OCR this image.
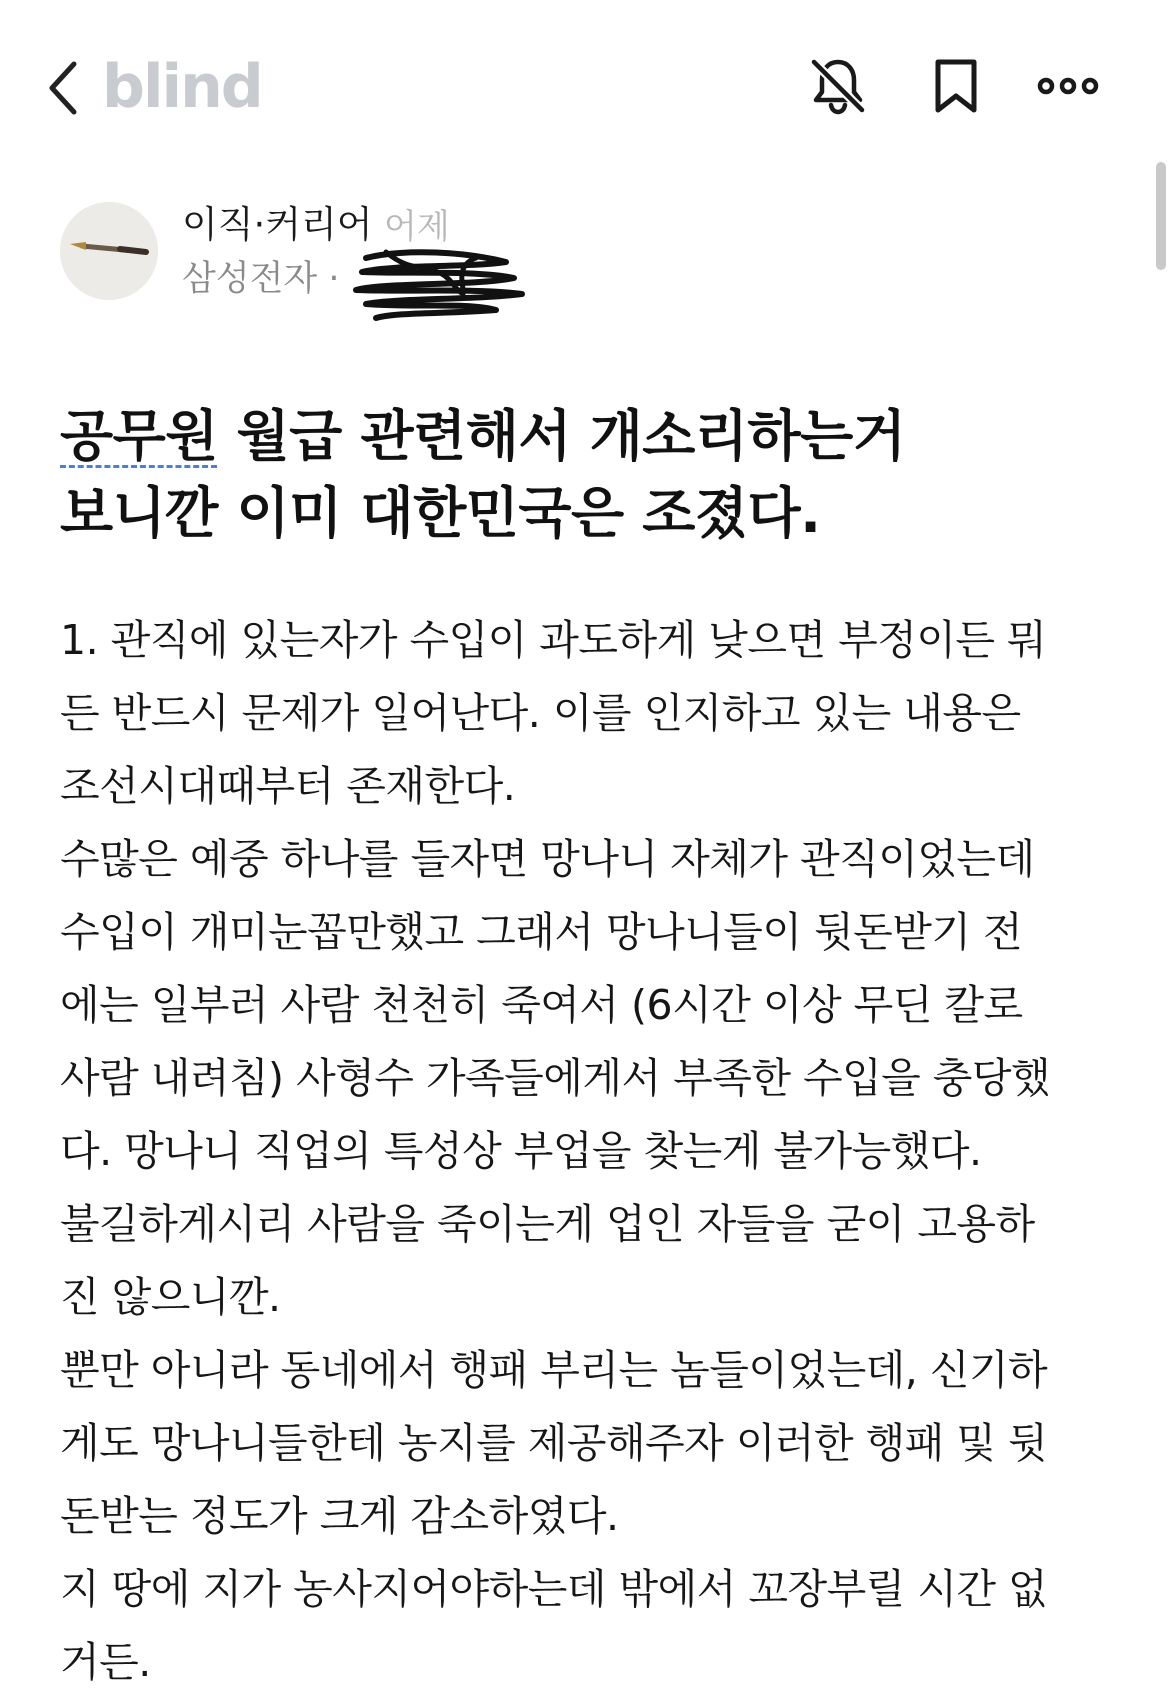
blind
이직·커리어 어제
삼성전자 ·
공무원 월급 관련해서 개소리하는거
보니깐 이미 대한민국은 조졌다.
1. 관직에 있는자가 수입이 과도하게 낮으면 부정이든 뭐
든 반드시 문제가 일어난다. 이를 인지하고 있는 내용은
조선시대때부터 존재한다.
수많은 예중 하나를 들자면 망나니 자체가 관직이었는데
수입이 개미눈꼽만했고 그래서 망나니들이 뒷돈받기 전
에는 일부러 사람 천천히 죽여서 (6시간 이상 무딘 칼로
사람 내려침) 사형수 가족들에게서 부족한 수입을 충당했
다. 망나니 직업의 특성상 부업을 찾는게 불가능했다.
불길하게시리 사람을 죽이는게 업인 자들을 굳이 고용하
진 않으니깐.
뿐만 아니라 동네에서 행패 부리는 놈들이었는데, 신기하
게도 망나니들한테 농지를 제공해주자 이러한 행패 및 뒷
돈받는 정도가 크게 감소하였다.
지 땅에 지가 농사지어야하는데 밖에서 꼬장부릴 시간 없
거든.
